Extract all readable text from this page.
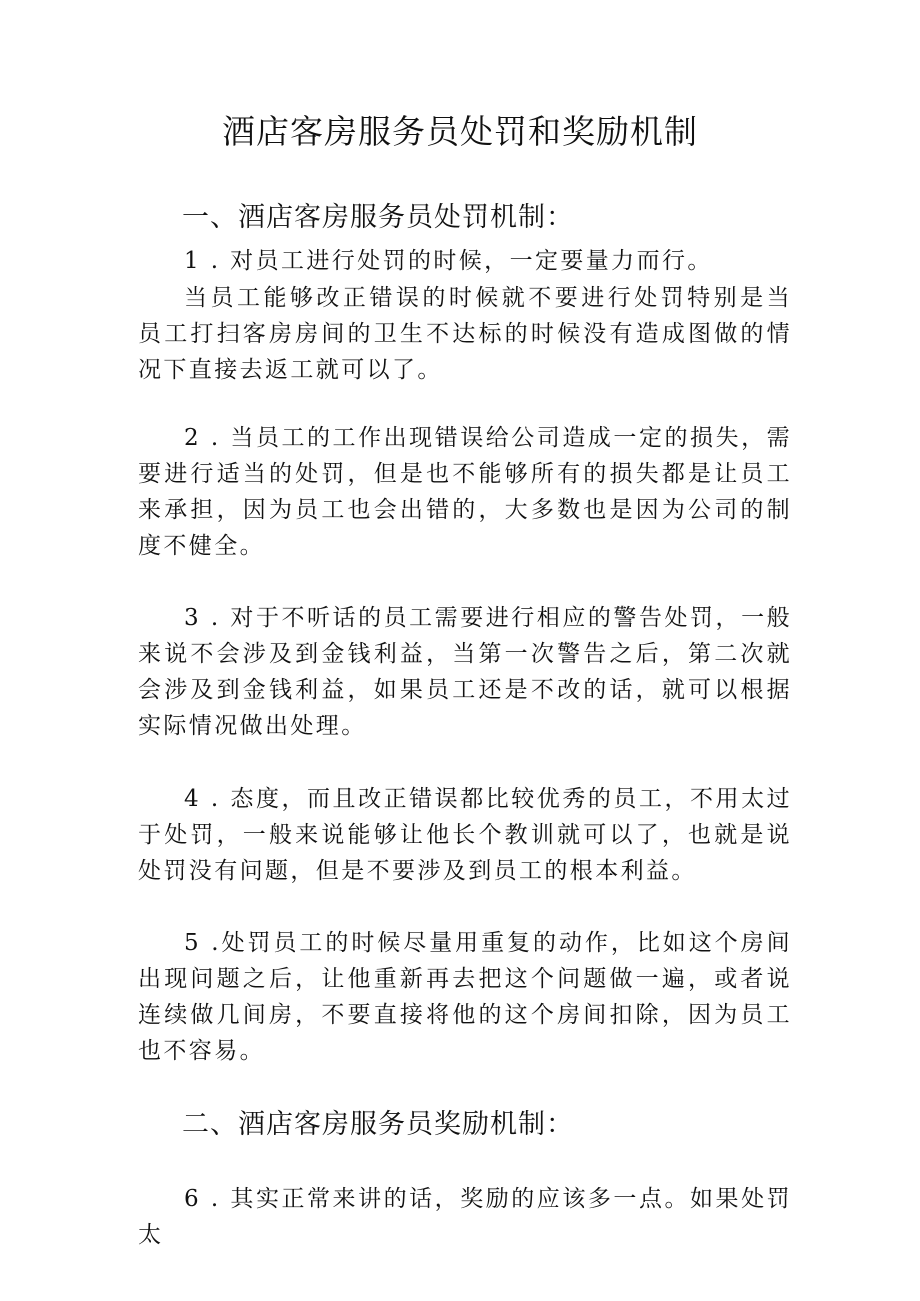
酒店客房服务员处罚和奖励机制
一、酒店客房服务员处罚机制：
1 . 对员工进行处罚的时候，一定要量力而行。
当员工能够改正错误的时候就不要进行处罚特别是当员工打扫客房房间的卫生不达标的时候没有造成图做的情况下直接去返工就可以了。
2 . 当员工的工作出现错误给公司造成一定的损失，需要进行适当的处罚，但是也不能够所有的损失都是让员工来承担，因为员工也会出错的，大多数也是因为公司的制度不健全。
3 . 对于不听话的员工需要进行相应的警告处罚，一般来说不会涉及到金钱利益，当第一次警告之后，第二次就会涉及到金钱利益，如果员工还是不改的话，就可以根据实际情况做出处理。
4 . 态度，而且改正错误都比较优秀的员工，不用太过于处罚，一般来说能够让他长个教训就可以了，也就是说处罚没有问题，但是不要涉及到员工的根本利益。
5 .处罚员工的时候尽量用重复的动作，比如这个房间出现问题之后，让他重新再去把这个问题做一遍，或者说连续做几间房，不要直接将他的这个房间扣除，因为员工也不容易。
二、酒店客房服务员奖励机制：
6 . 其实正常来讲的话，奖励的应该多一点。如果处罚太
